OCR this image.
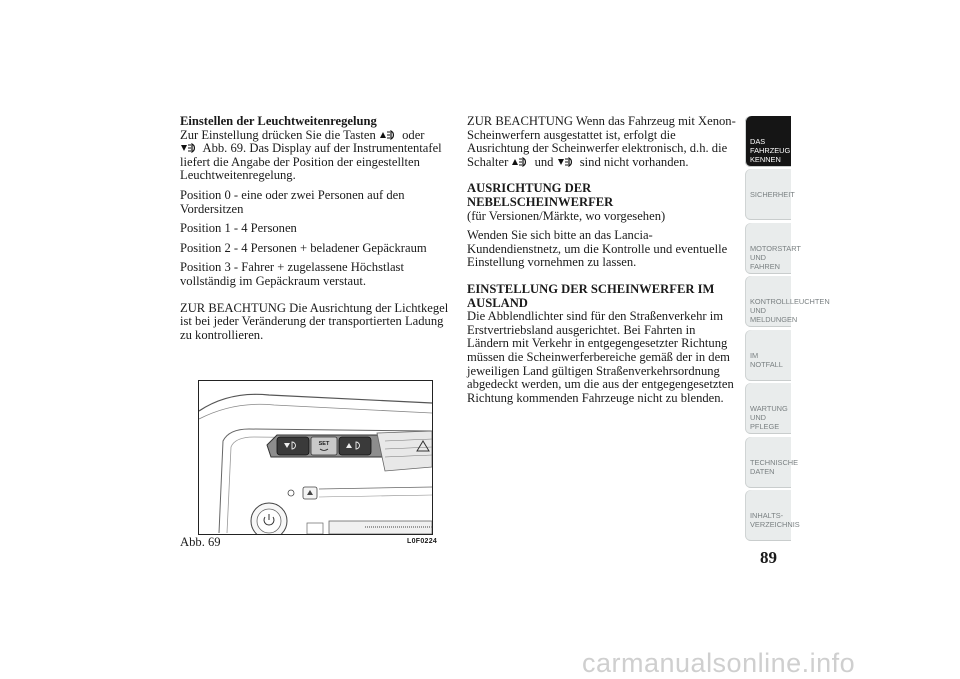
Einstellen der Leuchtweitenregelung

Zur Einstellung drücken Sie die Tasten oder
Abb. 69. Das Display auf der Instrumententafel liefert die Angabe der Position der eingestellten Leuchtweitenregelung.

Position 0 - eine oder zwei Personen auf den Vordersitzen

Position 1 - 4 Personen

Position 2 - 4 Personen + beladener Gepäckraum

Position 3 - Fahrer + zugelassene Höchstlast vollständig im Gepäckraum verstaut.

ZUR BEACHTUNG Die Ausrichtung der Lichtkegel ist bei jeder Veränderung der transportierten Ladung zu kontrollieren.

ZUR BEACHTUNG Wenn das Fahrzeug mit Xenon-Scheinwerfern ausgestattet ist, erfolgt die Ausrichtung der Scheinwerfer elektronisch, d.h. die Schalter und sind nicht vorhanden.

AUSRICHTUNG DER NEBELSCHEINWERFER

(für Versionen/Märkte, wo vorgesehen)

Wenden Sie sich bitte an das Lancia-Kundendienstnetz, um die Kontrolle und eventuelle Einstellung vornehmen zu lassen.

EINSTELLUNG DER SCHEINWERFER IM AUSLAND

Die Abblendlichter sind für den Straßenverkehr im Erstvertriebsland ausgerichtet. Bei Fahrten in Ländern mit Verkehr in entgegengesetzter Richtung müssen die Scheinwerferbereiche gemäß der in dem jeweiligen Land gültigen Straßenverkehrsordnung abgedeckt werden, um die aus der entgegengesetzten Richtung kommenden Fahrzeuge nicht zu blenden.

SET
Abb. 69	L0F0224
DAS FAHRZEUG KENNEN
SICHERHEIT
MOTORSTART UND FAHREN
KONTROLLLEUCHTEN UND MELDUNGEN
IM NOTFALL
WARTUNG UND PFLEGE
TECHNISCHE DATEN
INHALTS-VERZEICHNIS
89
carmanualsonline.info
